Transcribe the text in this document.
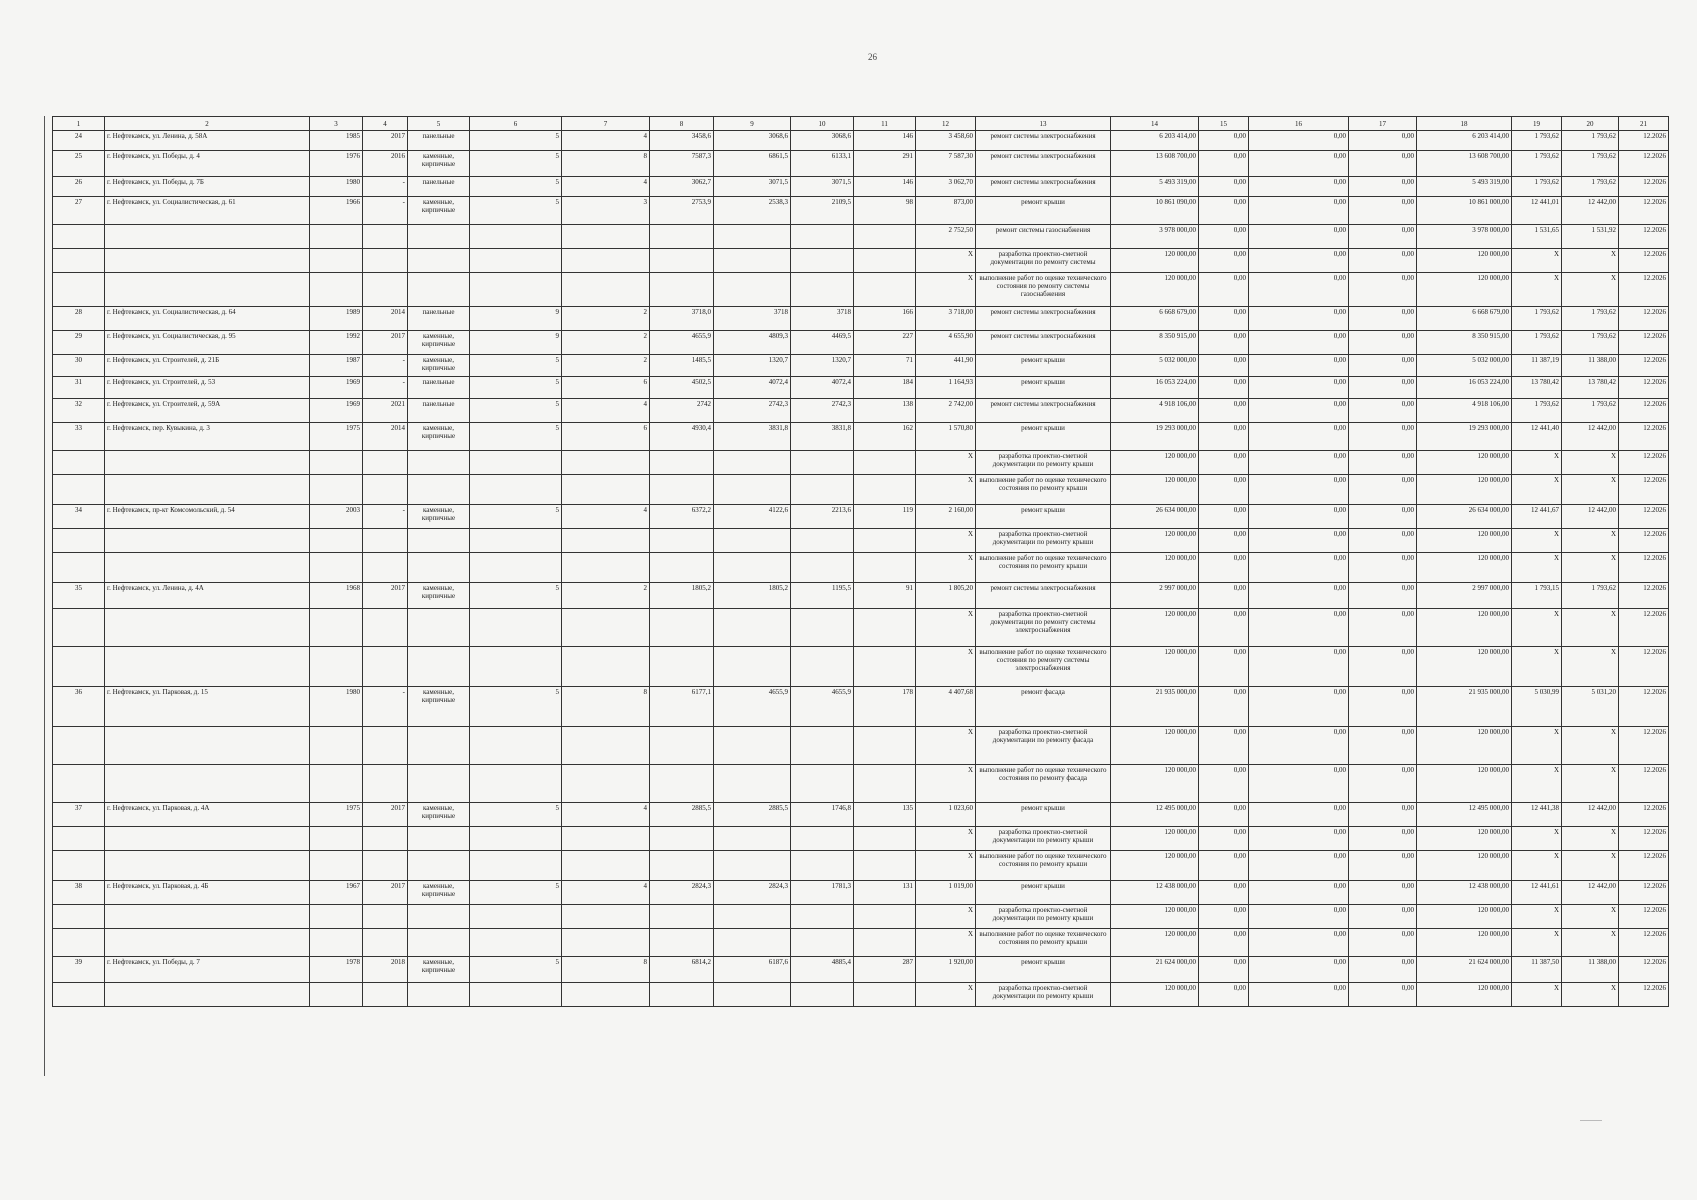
26
1	2	3	4	5	6	7	8	9	10	11	12	13	14	15	16	17	18	19	20	21
24	г. Нефтекамск, ул. Ленина, д. 58А	1985	2017	панельные	5	4	3458,6	3068,6	3068,6	146	3 458,60	ремонт системы электроснабжения	6 203 414,00	0,00	0,00	0,00	6 203 414,00	1 793,62	1 793,62	12.2026
25	г. Нефтекамск, ул. Победы, д. 4	1976	2016	каменные, кирпичные	5	8	7587,3	6861,5	6133,1	291	7 587,30	ремонт системы электроснабжения	13 608 700,00	0,00	0,00	0,00	13 608 700,00	1 793,62	1 793,62	12.2026
26	г. Нефтекамск, ул. Победы, д. 7Б	1980	-	панельные	5	4	3062,7	3071,5	3071,5	146	3 062,70	ремонт системы электроснабжения	5 493 319,00	0,00	0,00	0,00	5 493 319,00	1 793,62	1 793,62	12.2026
27	г. Нефтекамск, ул. Социалистическая, д. 61	1966	-	каменные, кирпичные	5	3	2753,9	2538,3	2109,5	98	873,00	ремонт крыши	10 861 090,00	0,00	0,00	0,00	10 861 000,00	12 441,01	12 442,00	12.2026
											2 752,50	ремонт системы газоснабжения	3 978 000,00	0,00	0,00	0,00	3 978 000,00	1 531,65	1 531,92	12.2026
											X	разработка проектно-сметной документации по ремонту системы	120 000,00	0,00	0,00	0,00	120 000,00	X	X	12.2026
											X	выполнение работ по оценке технического состояния по ремонту системы газоснабжения	120 000,00	0,00	0,00	0,00	120 000,00	X	X	12.2026
28	г. Нефтекамск, ул. Социалистическая, д. 64	1989	2014	панельные	9	2	3718,0	3718	3718	166	3 718,00	ремонт системы электроснабжения	6 668 679,00	0,00	0,00	0,00	6 668 679,00	1 793,62	1 793,62	12.2026
29	г. Нефтекамск, ул. Социалистическая, д. 95	1992	2017	каменные, кирпичные	9	2	4655,9	4809,3	4469,5	227	4 655,90	ремонт системы электроснабжения	8 350 915,00	0,00	0,00	0,00	8 350 915,00	1 793,62	1 793,62	12.2026
30	г. Нефтекамск, ул. Строителей, д. 21Б	1987	-	каменные, кирпичные	5	2	1485,5	1320,7	1320,7	71	441,90	ремонт крыши	5 032 000,00	0,00	0,00	0,00	5 032 000,00	11 387,19	11 388,00	12.2026
31	г. Нефтекамск, ул. Строителей, д. 53	1969	-	панельные	5	6	4502,5	4072,4	4072,4	184	1 164,93	ремонт крыши	16 053 224,00	0,00	0,00	0,00	16 053 224,00	13 780,42	13 780,42	12.2026
32	г. Нефтекамск, ул. Строителей, д. 59А	1969	2021	панельные	5	4	2742	2742,3	2742,3	138	2 742,00	ремонт системы электроснабжения	4 918 106,00	0,00	0,00	0,00	4 918 106,00	1 793,62	1 793,62	12.2026
33	г. Нефтекамск, пер. Кувыкина, д. 3	1975	2014	каменные, кирпичные	5	6	4930,4	3831,8	3831,8	162	1 570,80	ремонт крыши	19 293 000,00	0,00	0,00	0,00	19 293 000,00	12 441,40	12 442,00	12.2026
											X	разработка проектно-сметной документации по ремонту крыши	120 000,00	0,00	0,00	0,00	120 000,00	X	X	12.2026
											X	выполнение работ по оценке технического состояния по ремонту крыши	120 000,00	0,00	0,00	0,00	120 000,00	X	X	12.2026
34	г. Нефтекамск, пр-кт Комсомольский, д. 54	2003	-	каменные, кирпичные	5	4	6372,2	4122,6	2213,6	119	2 160,00	ремонт крыши	26 634 000,00	0,00	0,00	0,00	26 634 000,00	12 441,67	12 442,00	12.2026
											X	разработка проектно-сметной документации по ремонту крыши	120 000,00	0,00	0,00	0,00	120 000,00	X	X	12.2026
											X	выполнение работ по оценке технического состояния по ремонту крыши	120 000,00	0,00	0,00	0,00	120 000,00	X	X	12.2026
35	г. Нефтекамск, ул. Ленина, д. 4А	1968	2017	каменные, кирпичные	5	2	1805,2	1805,2	1195,5	91	1 805,20	ремонт системы электроснабжения	2 997 000,00	0,00	0,00	0,00	2 997 000,00	1 793,15	1 793,62	12.2026
											X	разработка проектно-сметной документации по ремонту системы электроснабжения	120 000,00	0,00	0,00	0,00	120 000,00	X	X	12.2026
											X	выполнение работ по оценке технического состояния по ремонту системы электроснабжения	120 000,00	0,00	0,00	0,00	120 000,00	X	X	12.2026
36	г. Нефтекамск, ул. Парковая, д. 15	1980	-	каменные, кирпичные	5	8	6177,1	4655,9	4655,9	178	4 407,68	ремонт фасада	21 935 000,00	0,00	0,00	0,00	21 935 000,00	5 030,99	5 031,20	12.2026
											X	разработка проектно-сметной документации по ремонту фасада	120 000,00	0,00	0,00	0,00	120 000,00	X	X	12.2026
											X	выполнение работ по оценке технического состояния по ремонту фасада	120 000,00	0,00	0,00	0,00	120 000,00	X	X	12.2026
37	г. Нефтекамск, ул. Парковая, д. 4А	1975	2017	каменные, кирпичные	5	4	2885,5	2885,5	1746,8	135	1 023,60	ремонт крыши	12 495 000,00	0,00	0,00	0,00	12 495 000,00	12 441,38	12 442,00	12.2026
											X	разработка проектно-сметной документации по ремонту крыши	120 000,00	0,00	0,00	0,00	120 000,00	X	X	12.2026
											X	выполнение работ по оценке технического состояния по ремонту крыши	120 000,00	0,00	0,00	0,00	120 000,00	X	X	12.2026
38	г. Нефтекамск, ул. Парковая, д. 4Б	1967	2017	каменные, кирпичные	5	4	2824,3	2824,3	1781,3	131	1 019,00	ремонт крыши	12 438 000,00	0,00	0,00	0,00	12 438 000,00	12 441,61	12 442,00	12.2026
											X	разработка проектно-сметной документации по ремонту крыши	120 000,00	0,00	0,00	0,00	120 000,00	X	X	12.2026
											X	выполнение работ по оценке технического состояния по ремонту крыши	120 000,00	0,00	0,00	0,00	120 000,00	X	X	12.2026
39	г. Нефтекамск, ул. Победы, д. 7	1978	2018	каменные, кирпичные	5	8	6814,2	6187,6	4885,4	287	1 920,00	ремонт крыши	21 624 000,00	0,00	0,00	0,00	21 624 000,00	11 387,50	11 388,00	12.2026
											X	разработка проектно-сметной документации по ремонту крыши	120 000,00	0,00	0,00	0,00	120 000,00	X	X	12.2026
